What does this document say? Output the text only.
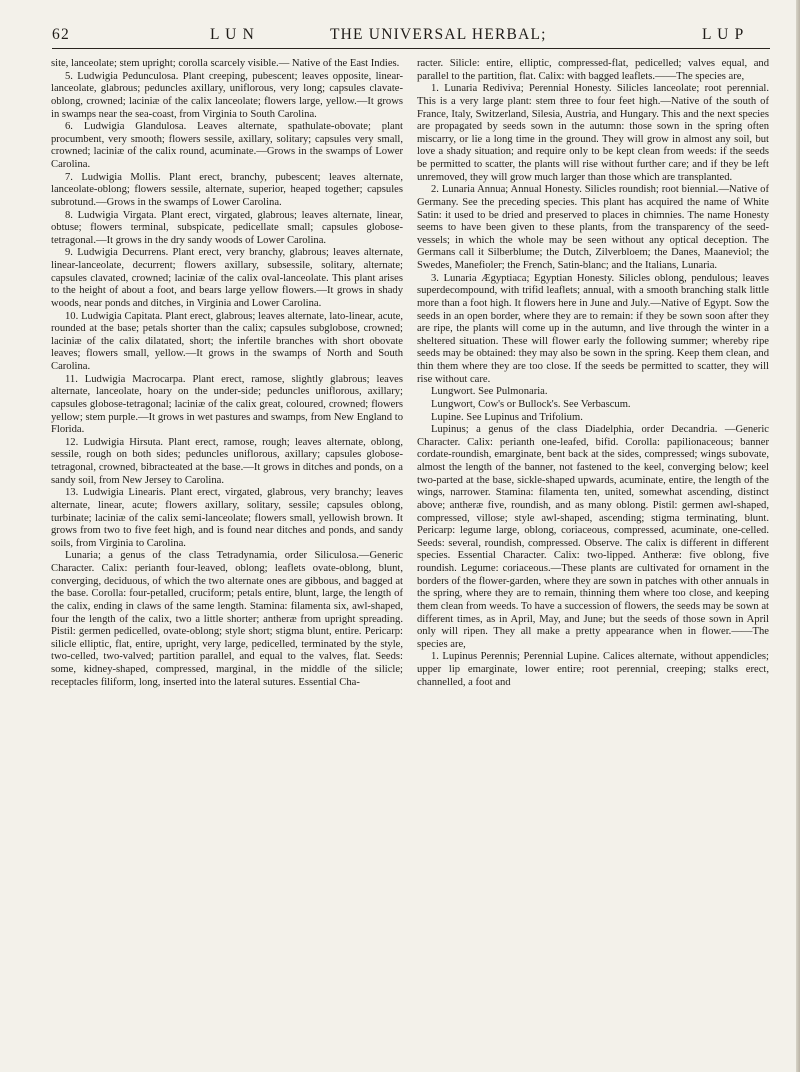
62	L U N	THE UNIVERSAL HERBAL;	L U P

site, lanceolate; stem upright; corolla scarcely visible.— Native of the East Indies.

5. Ludwigia Pedunculosa. Plant creeping, pubescent; leaves opposite, linear-lanceolate, glabrous; peduncles axillary, uniflorous, very long; capsules clavate-oblong, crowned; laciniæ of the calix lanceolate; flowers large, yellow.—It grows in swamps near the sea-coast, from Virginia to South Carolina.

6. Ludwigia Glandulosa. Leaves alternate, spathulate-obovate; plant procumbent, very smooth; flowers sessile, axillary, solitary; capsules very small, crowned; laciniæ of the calix round, acuminate.—Grows in the swamps of Lower Carolina.

7. Ludwigia Mollis. Plant erect, branchy, pubescent; leaves alternate, lanceolate-oblong; flowers sessile, alternate, superior, heaped together; capsules subrotund.—Grows in the swamps of Lower Carolina.

8. Ludwigia Virgata. Plant erect, virgated, glabrous; leaves alternate, linear, obtuse; flowers terminal, subspicate, pedicellate small; capsules globose-tetragonal.—It grows in the dry sandy woods of Lower Carolina.

9. Ludwigia Decurrens. Plant erect, very branchy, glabrous; leaves alternate, linear-lanceolate, decurrent; flowers axillary, subsessile, solitary, alternate; capsules clavated, crowned; laciniæ of the calix oval-lanceolate. This plant arises to the height of about a foot, and bears large yellow flowers.—It grows in shady woods, near ponds and ditches, in Virginia and Lower Carolina.

10. Ludwigia Capitata. Plant erect, glabrous; leaves alternate, lato-linear, acute, rounded at the base; petals shorter than the calix; capsules subglobose, crowned; laciniæ of the calix dilatated, short; the infertile branches with short obovate leaves; flowers small, yellow.—It grows in the swamps of North and South Carolina.

11. Ludwigia Macrocarpa. Plant erect, ramose, slightly glabrous; leaves alternate, lanceolate, hoary on the under-side; peduncles uniflorous, axillary; capsules globose-tetragonal; laciniæ of the calix great, coloured, crowned; flowers yellow; stem purple.—It grows in wet pastures and swamps, from New England to Florida.

12. Ludwigia Hirsuta. Plant erect, ramose, rough; leaves alternate, oblong, sessile, rough on both sides; peduncles uniflorous, axillary; capsules globose-tetragonal, crowned, bibracteated at the base.—It grows in ditches and ponds, on a sandy soil, from New Jersey to Carolina.

13. Ludwigia Linearis. Plant erect, virgated, glabrous, very branchy; leaves alternate, linear, acute; flowers axillary, solitary, sessile; capsules oblong, turbinate; laciniæ of the calix semi-lanceolate; flowers small, yellowish brown. It grows from two to five feet high, and is found near ditches and ponds, and sandy soils, from Virginia to Carolina.

Lunaria; a genus of the class Tetradynamia, order Siliculosa.—Generic Character. Calix: perianth four-leaved, oblong; leaflets ovate-oblong, blunt, converging, deciduous, of which the two alternate ones are gibbous, and bagged at the base. Corolla: four-petalled, cruciform; petals entire, blunt, large, the length of the calix, ending in claws of the same length. Stamina: filamenta six, awl-shaped, four the length of the calix, two a little shorter; antheræ from upright spreading. Pistil: germen pedicelled, ovate-oblong; style short; stigma blunt, entire. Pericarp: silicle elliptic, flat, entire, upright, very large, pedicelled, terminated by the style, two-celled, two-valved; partition parallel, and equal to the valves, flat. Seeds: some, kidney-shaped, compressed, marginal, in the middle of the silicle; receptacles filiform, long, inserted into the lateral sutures. Essential Cha-

racter. Silicle: entire, elliptic, compressed-flat, pedicelled; valves equal, and parallel to the partition, flat. Calix: with bagged leaflets.——The species are,

1. Lunaria Rediviva; Perennial Honesty. Silicles lanceolate; root perennial. This is a very large plant: stem three to four feet high.—Native of the south of France, Italy, Switzerland, Silesia, Austria, and Hungary. This and the next species are propagated by seeds sown in the autumn: those sown in the spring often miscarry, or lie a long time in the ground. They will grow in almost any soil, but love a shady situation; and require only to be kept clean from weeds: if the seeds be permitted to scatter, the plants will rise without further care; and if they be left unremoved, they will grow much larger than those which are transplanted.

2. Lunaria Annua; Annual Honesty. Silicles roundish; root biennial.—Native of Germany. See the preceding species. This plant has acquired the name of White Satin: it used to be dried and preserved to places in chimnies. The name Honesty seems to have been given to these plants, from the transparency of the seed-vessels; in which the whole may be seen without any optical deception. The Germans call it Silberblume; the Dutch, Zilverbloem; the Danes, Maaneviol; the Swedes, Manefioler; the French, Satin-blanc; and the Italians, Lunaria.

3. Lunaria Ægyptiaca; Egyptian Honesty. Silicles oblong, pendulous; leaves superdecompound, with trifid leaflets; annual, with a smooth branching stalk little more than a foot high. It flowers here in June and July.—Native of Egypt. Sow the seeds in an open border, where they are to remain: if they be sown soon after they are ripe, the plants will come up in the autumn, and live through the winter in a sheltered situation. These will flower early the following summer; whereby ripe seeds may be obtained: they may also be sown in the spring. Keep them clean, and thin them where they are too close. If the seeds be permitted to scatter, they will rise without care.

Lungwort. See Pulmonaria.

Lungwort, Cow's or Bullock's. See Verbascum.

Lupine. See Lupinus and Trifolium.

Lupinus; a genus of the class Diadelphia, order Decandria. —Generic Character. Calix: perianth one-leafed, bifid. Corolla: papilionaceous; banner cordate-roundish, emarginate, bent back at the sides, compressed; wings subovate, almost the length of the banner, not fastened to the keel, converging below; keel two-parted at the base, sickle-shaped upwards, acuminate, entire, the length of the wings, narrower. Stamina: filamenta ten, united, somewhat ascending, distinct above; antheræ five, roundish, and as many oblong. Pistil: germen awl-shaped, compressed, villose; style awl-shaped, ascending; stigma terminating, blunt. Pericarp: legume large, oblong, coriaceous, compressed, acuminate, one-celled. Seeds: several, roundish, compressed. Observe. The calix is different in different species. Essential Character. Calix: two-lipped. Antheræ: five oblong, five roundish. Legume: coriaceous.—These plants are cultivated for ornament in the borders of the flower-garden, where they are sown in patches with other annuals in the spring, where they are to remain, thinning them where too close, and keeping them clean from weeds. To have a succession of flowers, the seeds may be sown at different times, as in April, May, and June; but the seeds of those sown in April only will ripen. They all make a pretty appearance when in flower.——The species are,

1. Lupinus Perennis; Perennial Lupine. Calices alternate, without appendicles; upper lip emarginate, lower entire; root perennial, creeping; stalks erect, channelled, a foot and
